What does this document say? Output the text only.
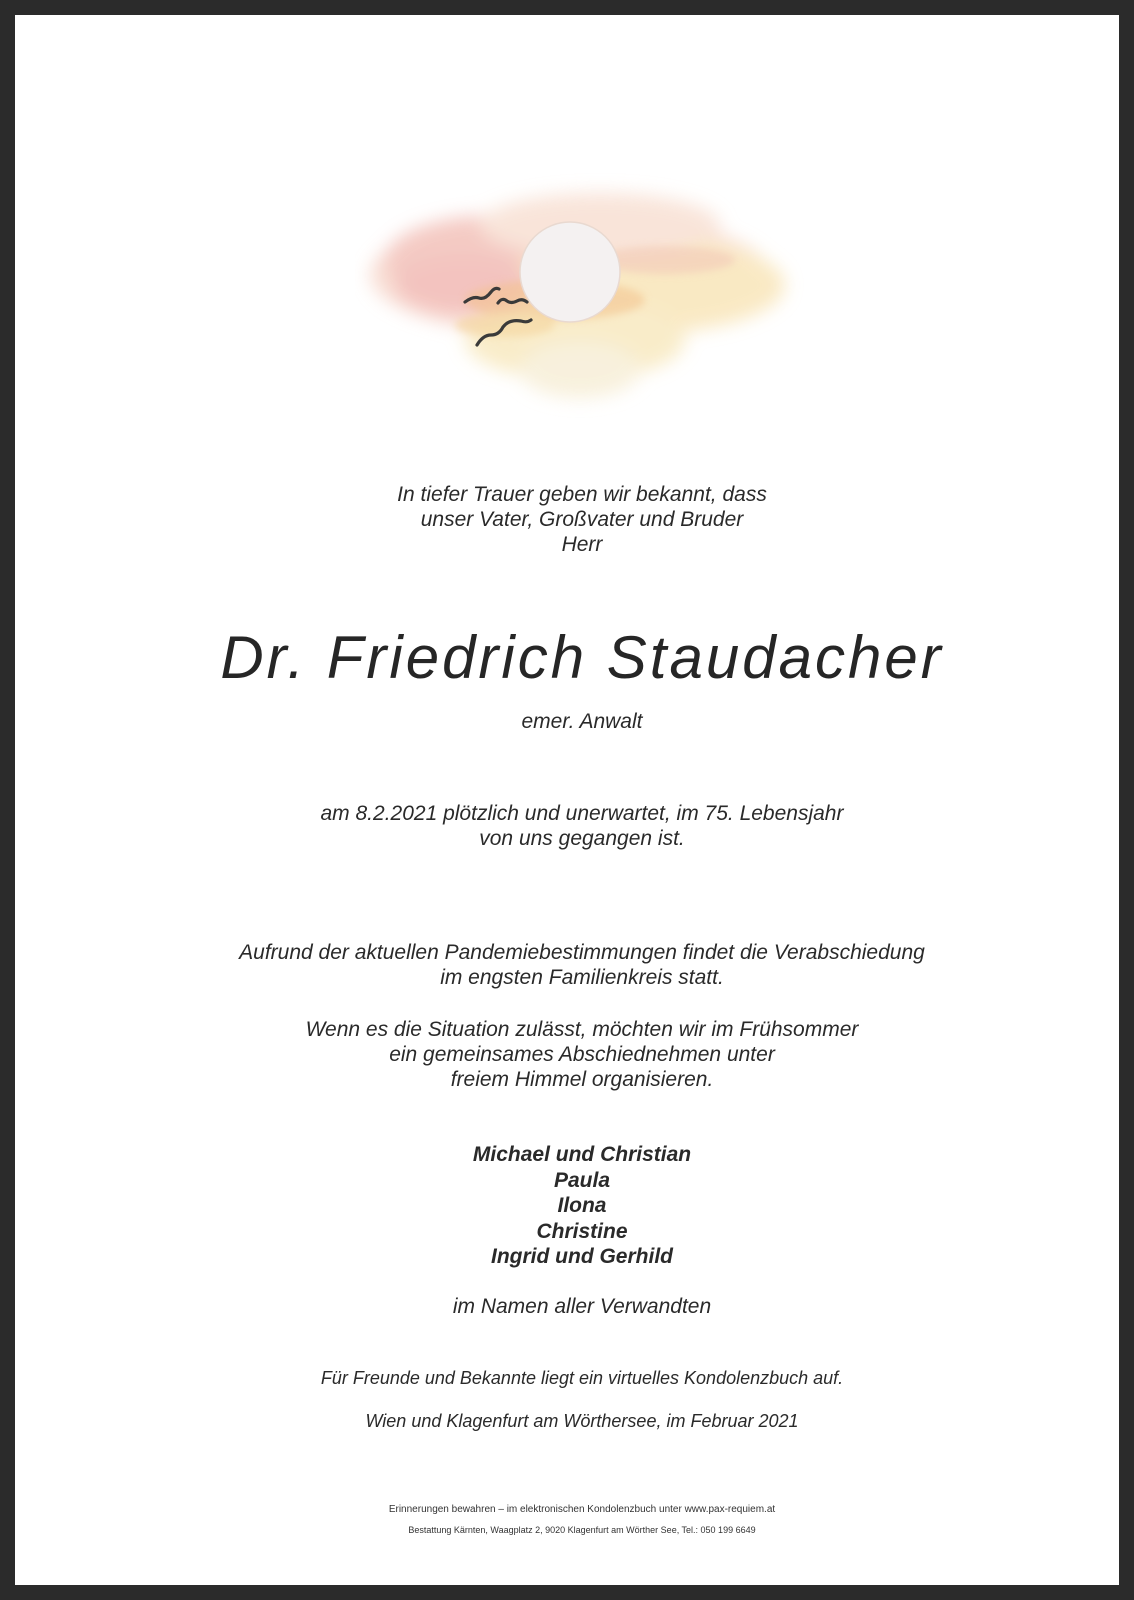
In tiefer Trauer geben wir bekannt, dass
unser Vater, Großvater und Bruder
Herr
Dr. Friedrich Staudacher
emer. Anwalt
am 8.2.2021 plötzlich und unerwartet, im 75. Lebensjahr
von uns gegangen ist.
Aufrund der aktuellen Pandemiebestimmungen findet die Verabschiedung
im engsten Familienkreis statt.
Wenn es die Situation zulässt, möchten wir im Frühsommer
ein gemeinsames Abschiednehmen unter
freiem Himmel organisieren.
Michael und Christian
Paula
Ilona
Christine
Ingrid und Gerhild
im Namen aller Verwandten
Für Freunde und Bekannte liegt ein virtuelles Kondolenzbuch auf.
Wien und Klagenfurt am Wörthersee, im Februar 2021
Erinnerungen bewahren – im elektronischen Kondolenzbuch unter www.pax-requiem.at
Bestattung Kärnten, Waagplatz 2, 9020 Klagenfurt am Wörther See, Tel.: 050 199 6649
